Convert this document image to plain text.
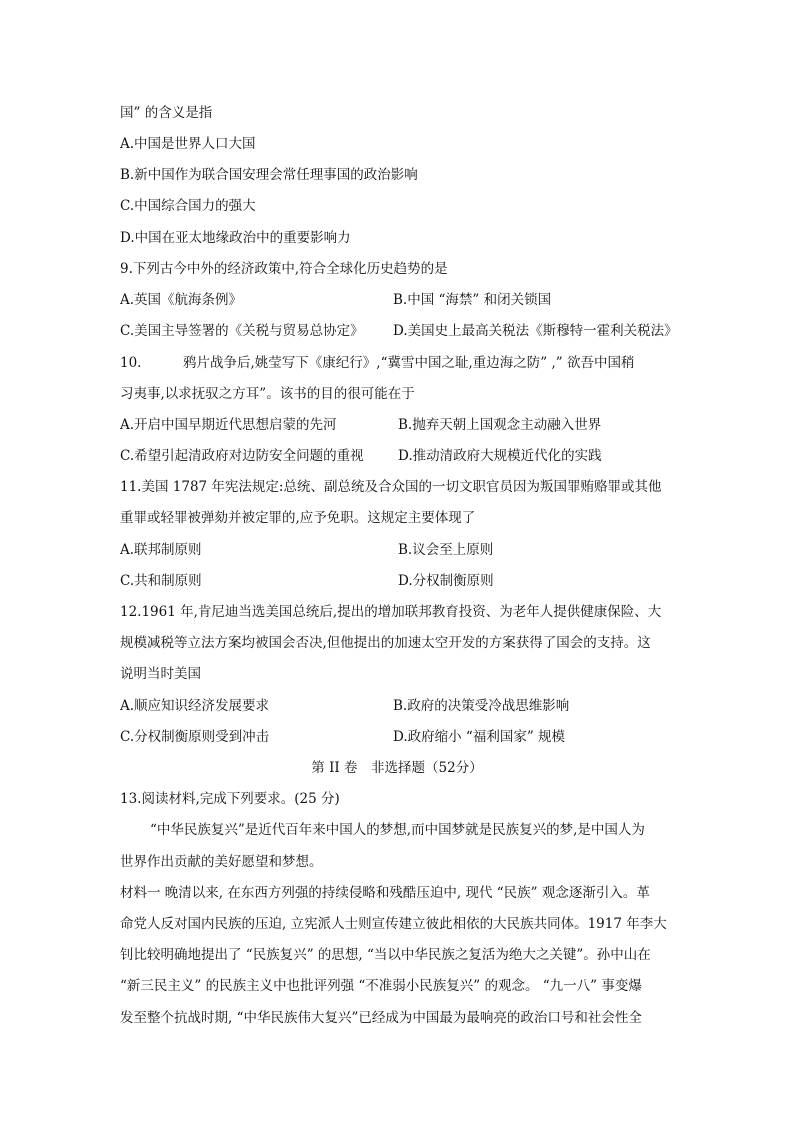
国” 的含义是指
A.中国是世界人口大国
B.新中国作为联合国安理会常任理事国的政治影响
C.中国综合国力的强大
D.中国在亚太地缘政治中的重要影响力
9.下列古今中外的经济政策中,符合全球化历史趋势的是
A.英国《航海条例》	B.中国 “海禁” 和闭关锁国
C.美国主导签署的《关税与贸易总协定》 D.美国史上最高关税法《斯穆特一霍利关税法》
10.	鸦片战争后,姚莹写下《康纪行》,“冀雪中国之耻,重边海之防” ,” 欲吾中国稍
习夷事,以求抚驭之方耳”。该书的目的很可能在于
A.开启中国早期近代思想启蒙的先河	B.抛弃天朝上国观念主动融入世界
C.希望引起清政府对边防安全问题的重视	D.推动清政府大规模近代化的实践
11.美国 1787 年宪法规定:总统、副总统及合众国的一切文职官员因为叛国罪贿赂罪或其他
重罪或轻罪被弹劾并被定罪的,应予免职。这规定主要体现了
A.联邦制原则	B.议会至上原则
C.共和制原则	D.分权制衡原则
12.1961 年,肯尼迪当选美国总统后,提出的增加联邦教育投资、为老年人提供健康保险、大
规模减税等立法方案均被国会否决,但他提出的加速太空开发的方案获得了国会的支持。这
说明当时美国
A.顺应知识经济发展要求	B.政府的决策受冷战思维影响
C.分权制衡原则受到冲击	D.政府缩小 “福利国家” 规模
第 II 卷　非选择题（52分）
13.阅读材料,完成下列要求。(25 分)
“中华民族复兴”是近代百年来中国人的梦想,而中国梦就是民族复兴的梦,是中国人为
世界作出贡献的美好愿望和梦想。
材料一 晚清以来, 在东西方列强的持续侵略和残酷压迫中, 现代 “民族” 观念逐渐引入。革
命党人反对国内民族的压迫, 立宪派人士则宣传建立彼此相依的大民族共同体。1917 年李大
钊比较明确地提出了 “民族复兴” 的思想, “当以中华民族之复活为绝大之关键”。孙中山在
“新三民主义” 的民族主义中也批评列强 “不准弱小民族复兴” 的观念。 “九一八” 事变爆
发至整个抗战时期, “中华民族伟大复兴”已经成为中国最为最响亮的政治口号和社会性全
